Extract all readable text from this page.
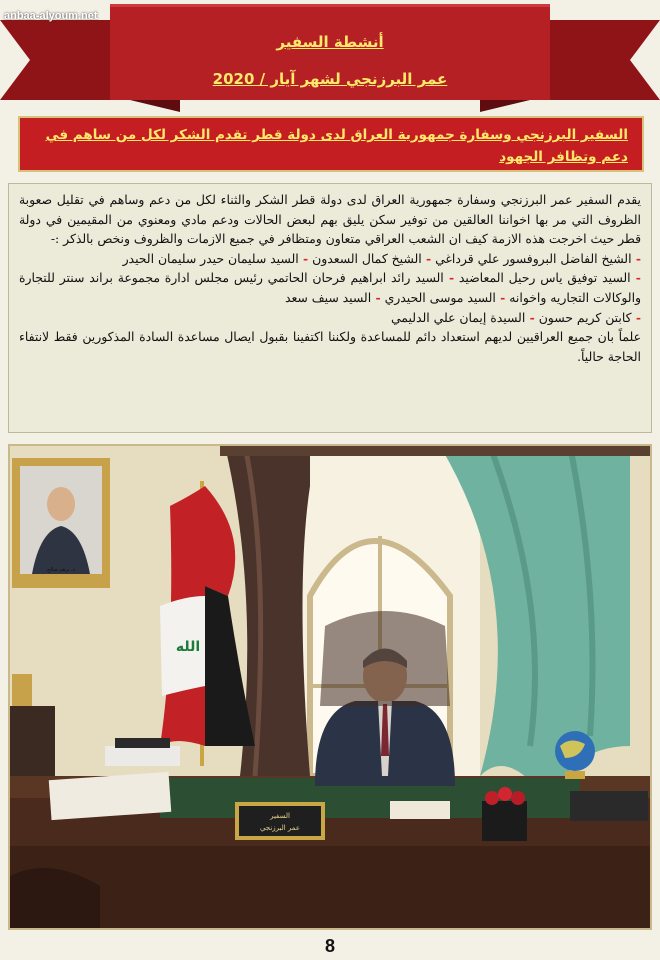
anbaa-alyoum.net
أنشطة السفير
عمر البرزنجي لشهر آيار / 2020
السفير البرزنجي وسفارة جمهورية العراق لدى دولة قطر تقدم الشكر لكل من ساهم في دعم وتظافر الجهود

يقدم السفير عمر البرزنجي وسفارة جمهورية العراق لدى دولة قطر الشكر والثناء لكل من دعم وساهم في تقليل صعوبة الظروف التي مر بها اخواننا العالقين من توفير سكن يليق بهم لبعض الحالات ودعم مادي ومعنوي من المقيمين في دولة قطر حيث اخرجت هذه الازمة كيف ان الشعب العراقي متعاون ومتظافر في جميع الازمات والظروف ونخص بالذكر :-

- الشيخ الفاضل البروفسور علي قرداغي - الشيخ كمال السعدون - السيد سليمان حيدر سليمان الحيدر

- السيد توفيق ياس رحيل المعاضيد - السيد رائد ابراهيم فرحان الحاتمي رئيس مجلس ادارة مجموعة براند سنتر للتجارة والوكالات التجاريه واخوانه - السيد موسى الحيدري - السيد سيف سعد

- كابتن كريم حسون - السيدة إيمان علي الدليمي

علماً بان جميع العراقيين لديهم استعداد دائم للمساعدة ولكننا اكتفينا بقبول ايصال مساعدة السادة المذكورين فقط لانتفاء الحاجة حالياً.

د. برهم صالح
الله
السفير
عمر البرزنجي
8
